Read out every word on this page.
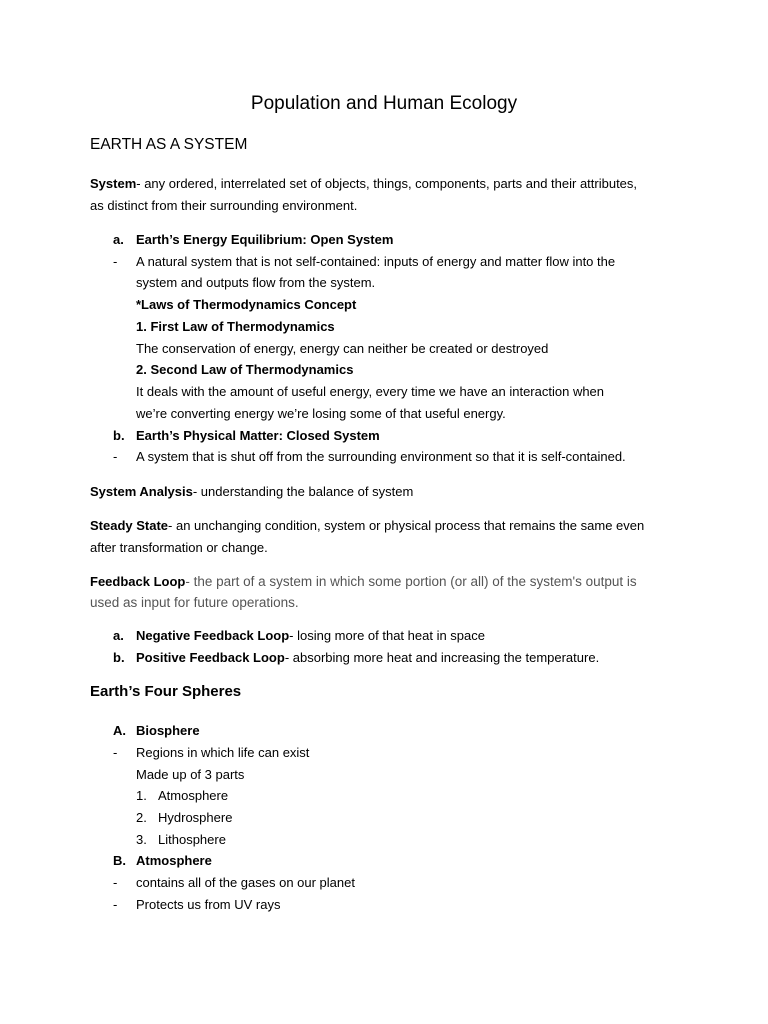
Population and Human Ecology
EARTH AS A SYSTEM
System- any ordered, interrelated set of objects, things, components, parts and their attributes,
as distinct from their surrounding environment.
a. Earth’s Energy Equilibrium: Open System
- A natural system that is not self-contained: inputs of energy and matter flow into the
system and outputs flow from the system.
*Laws of Thermodynamics Concept
1. First Law of Thermodynamics
The conservation of energy, energy can neither be created or destroyed
2. Second Law of Thermodynamics
It deals with the amount of useful energy, every time we have an interaction when
we’re converting energy we’re losing some of that useful energy.
b. Earth’s Physical Matter: Closed System
- A system that is shut off from the surrounding environment so that it is self-contained.
System Analysis- understanding the balance of system
Steady State- an unchanging condition, system or physical process that remains the same even
after transformation or change.
Feedback Loop- the part of a system in which some portion (or all) of the system's output is
used as input for future operations.
a. Negative Feedback Loop- losing more of that heat in space
b. Positive Feedback Loop- absorbing more heat and increasing the temperature.
Earth’s Four Spheres
A. Biosphere
- Regions in which life can exist
Made up of 3 parts
1. Atmosphere
2. Hydrosphere
3. Lithosphere
B. Atmosphere
- contains all of the gases on our planet
- Protects us from UV rays
